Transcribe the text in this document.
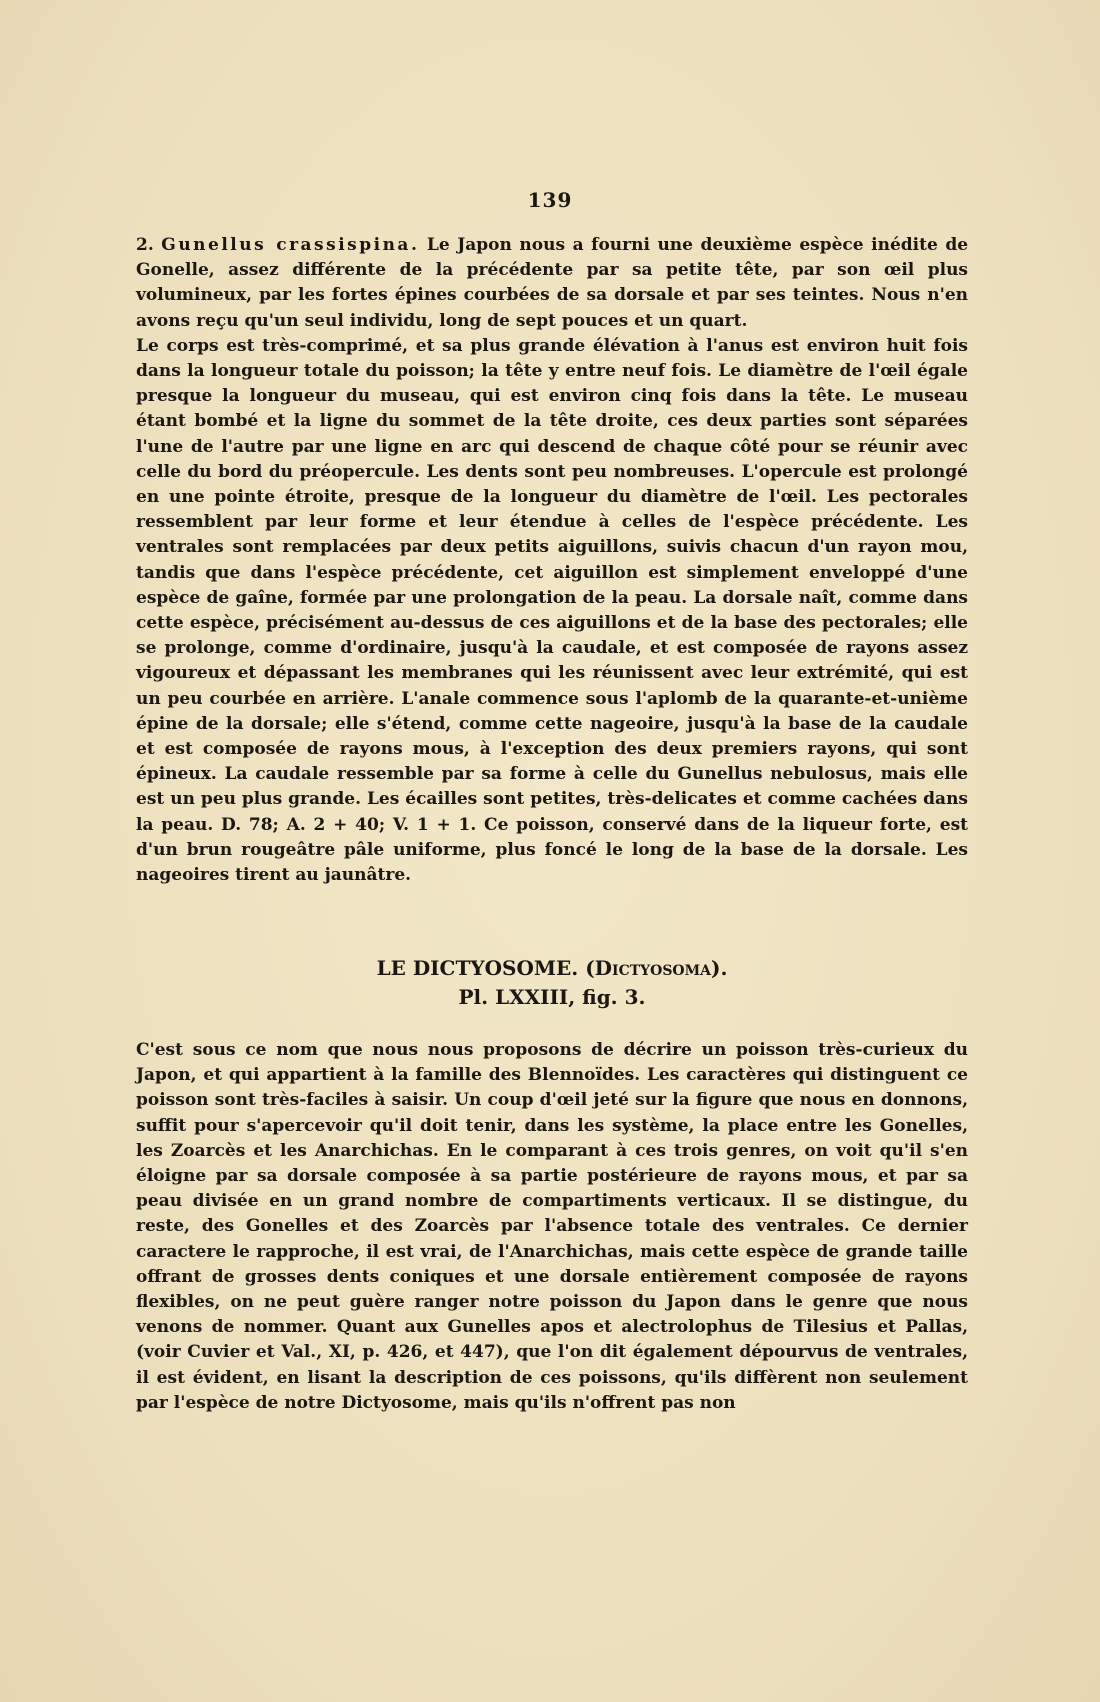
139

2. Gunellus crassispina. Le Japon nous a fourni une deuxième espèce inédite de Gonelle, assez différente de la précédente par sa petite tête, par son œil plus volumineux, par les fortes épines courbées de sa dorsale et par ses teintes. Nous n'en avons reçu qu'un seul individu, long de sept pouces et un quart.

Le corps est très-comprimé, et sa plus grande élévation à l'anus est environ huit fois dans la longueur totale du poisson; la tête y entre neuf fois. Le diamètre de l'œil égale presque la longueur du museau, qui est environ cinq fois dans la tête. Le museau étant bombé et la ligne du sommet de la tête droite, ces deux parties sont séparées l'une de l'autre par une ligne en arc qui descend de chaque côté pour se réunir avec celle du bord du préopercule. Les dents sont peu nombreuses. L'opercule est prolongé en une pointe étroite, presque de la longueur du diamètre de l'œil. Les pectorales ressemblent par leur forme et leur étendue à celles de l'espèce précédente. Les ventrales sont remplacées par deux petits aiguillons, suivis chacun d'un rayon mou, tandis que dans l'espèce précédente, cet aiguillon est simplement enveloppé d'une espèce de gaîne, formée par une prolongation de la peau. La dorsale naît, comme dans cette espèce, précisément au-dessus de ces aiguillons et de la base des pectorales; elle se prolonge, comme d'ordinaire, jusqu'à la caudale, et est composée de rayons assez vigoureux et dépassant les membranes qui les réunissent avec leur extrémité, qui est un peu courbée en arrière. L'anale commence sous l'aplomb de la quarante-et-unième épine de la dorsale; elle s'étend, comme cette nageoire, jusqu'à la base de la caudale et est composée de rayons mous, à l'exception des deux premiers rayons, qui sont épineux. La caudale ressemble par sa forme à celle du Gunellus nebulosus, mais elle est un peu plus grande. Les écailles sont petites, très-delicates et comme cachées dans la peau. D. 78; A. 2 + 40; V. 1 + 1. Ce poisson, conservé dans de la liqueur forte, est d'un brun rougeâtre pâle uniforme, plus foncé le long de la base de la dorsale. Les nageoires tirent au jaunâtre.

LE DICTYOSOME. (Dictyosoma).
Pl. LXXIII, fig. 3.

C'est sous ce nom que nous nous proposons de décrire un poisson très-curieux du Japon, et qui appartient à la famille des Blennoïdes. Les caractères qui distinguent ce poisson sont très-faciles à saisir. Un coup d'œil jeté sur la figure que nous en donnons, suffit pour s'apercevoir qu'il doit tenir, dans les système, la place entre les Gonelles, les Zoarcès et les Anarchichas. En le comparant à ces trois genres, on voit qu'il s'en éloigne par sa dorsale composée à sa partie postérieure de rayons mous, et par sa peau divisée en un grand nombre de compartiments verticaux. Il se distingue, du reste, des Gonelles et des Zoarcès par l'absence totale des ventrales. Ce dernier caractere le rapproche, il est vrai, de l'Anarchichas, mais cette espèce de grande taille offrant de grosses dents coniques et une dorsale entièrement composée de rayons flexibles, on ne peut guère ranger notre poisson du Japon dans le genre que nous venons de nommer. Quant aux Gunelles apos et alectrolophus de Tilesius et Pallas, (voir Cuvier et Val., XI, p. 426, et 447), que l'on dit également dépourvus de ventrales, il est évident, en lisant la description de ces poissons, qu'ils diffèrent non seulement par l'espèce de notre Dictyosome, mais qu'ils n'offrent pas non
